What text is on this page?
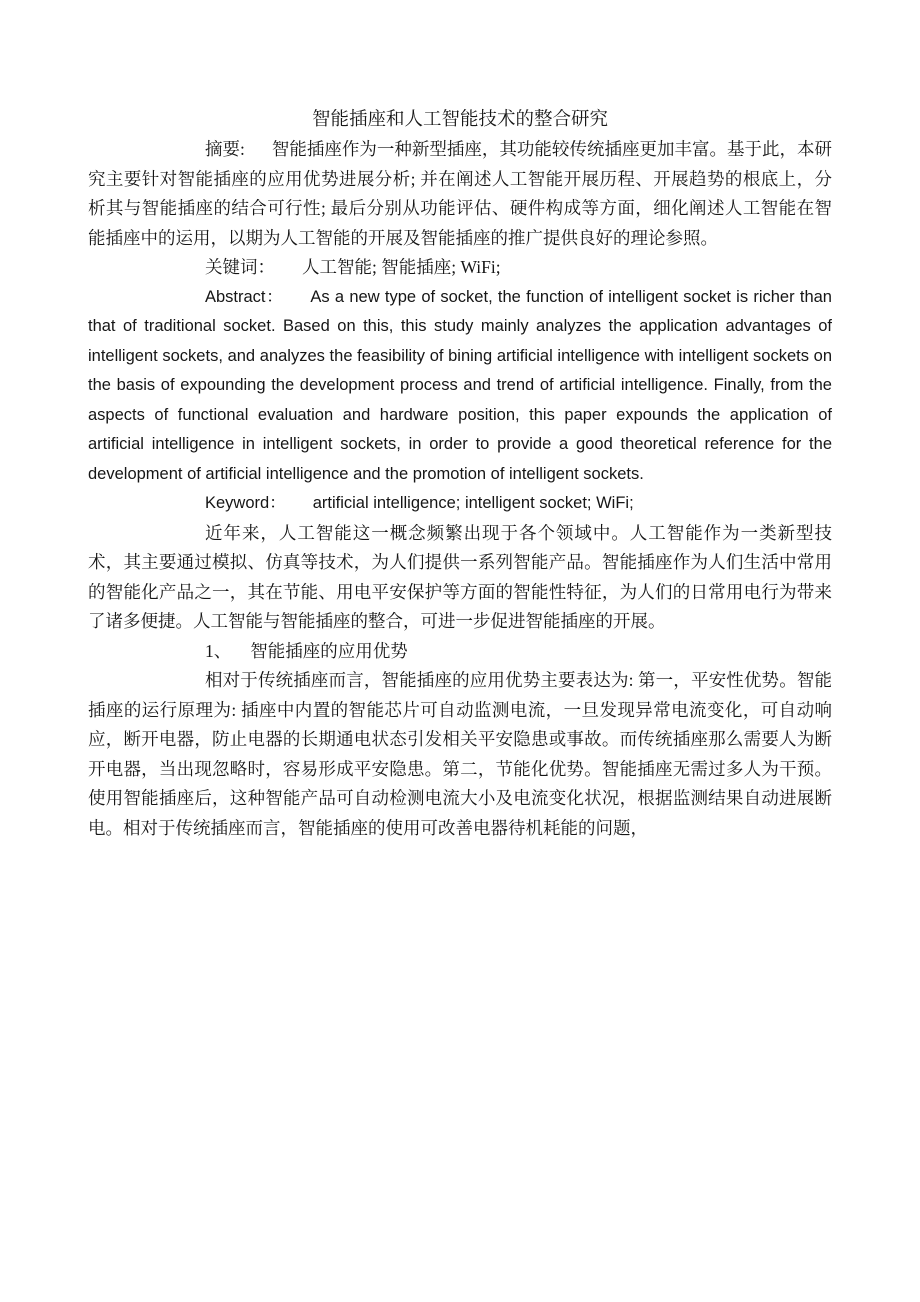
智能插座和人工智能技术的整合研究

摘要: 智能插座作为一种新型插座，其功能较传统插座更加丰富。基于此，本研究主要针对智能插座的应用优势进展分析; 并在阐述人工智能开展历程、开展趋势的根底上，分析其与智能插座的结合可行性; 最后分别从功能评估、硬件构成等方面，细化阐述人工智能在智能插座中的运用，以期为人工智能的开展及智能插座的推广提供良好的理论参照。

关键词： 人工智能; 智能插座; WiFi;

Abstract： As a new type of socket, the function of intelligent socket is richer than that of traditional socket. Based on this, this study mainly analyzes the application advantages of intelligent sockets, and analyzes the feasibility of bining artificial intelligence with intelligent sockets on the basis of expounding the development process and trend of artificial intelligence. Finally, from the aspects of functional evaluation and hardware position, this paper expounds the application of artificial intelligence in intelligent sockets, in order to provide a good theoretical reference for the development of artificial intelligence and the promotion of intelligent sockets.

Keyword： artificial intelligence; intelligent socket; WiFi;

近年来，人工智能这一概念频繁出现于各个领域中。人工智能作为一类新型技术，其主要通过模拟、仿真等技术，为人们提供一系列智能产品。智能插座作为人们生活中常用的智能化产品之一，其在节能、用电平安保护等方面的智能性特征，为人们的日常用电行为带来了诸多便捷。人工智能与智能插座的整合，可进一步促进智能插座的开展。

1、 智能插座的应用优势

相对于传统插座而言，智能插座的应用优势主要表达为: 第一，平安性优势。智能插座的运行原理为: 插座中内置的智能芯片可自动监测电流，一旦发现异常电流变化，可自动响应，断开电器，防止电器的长期通电状态引发相关平安隐患或事故。而传统插座那么需要人为断开电器，当出现忽略时，容易形成平安隐患。第二，节能化优势。智能插座无需过多人为干预。使用智能插座后，这种智能产品可自动检测电流大小及电流变化状况，根据监测结果自动进展断电。相对于传统插座而言，智能插座的使用可改善电器待机耗能的问题，
